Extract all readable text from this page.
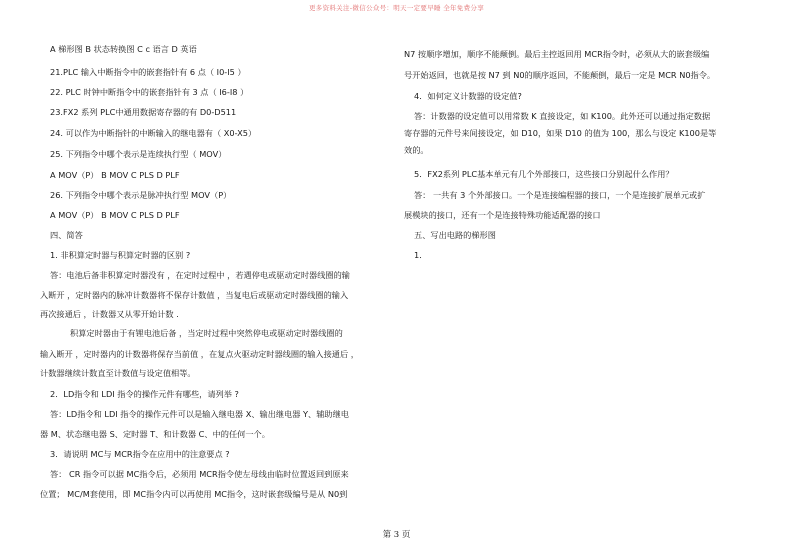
更多资料关注-微信公众号：明天一定要早睡 全年免费分享
A 梯形图 B 状态转换图 C c 语言 D 英语
21.PLC 输入中断指令中的嵌套指针有 6 点（ I0-I5 ）
22. PLC 时钟中断指令中的嵌套指针有 3 点（ I6-I8 ）
23.FX2 系列 PLC中通用数据寄存器的有 D0-D511
24. 可以作为中断指针的中断输入的继电器有（ X0-X5）
25. 下列指令中哪个表示是连续执行型（ MOV）
A MOV（P） B MOV C PLS D PLF
26. 下列指令中哪个表示是脉冲执行型 MOV（P）
A MOV（P） B MOV C PLS D PLF
四、简答
1. 非积算定时器与积算定时器的区别 ?
答：电池后备非积算定时器没有 ，在定时过程中 ，若遇停电或驱动定时器线圈的输
入断开 ，定时器内的脉冲计数器将不保存计数值 ，当复电后或驱动定时器线圈的输入
再次接通后 ，计数器又从零开始计数 .
积算定时器由于有锂电池后备 ，当定时过程中突然停电或驱动定时器线圈的
输入断开 ，定时器内的计数器将保存当前值 ，在复点火驱动定时器线圈的输入接通后 ，
计数器继续计数直至计数值与设定值相等。
2．LD指令和 LDI 指令的操作元件有哪些，请列举 ?
答：LD指令和 LDI 指令的操作元件可以是输入继电器 X、输出继电器 Y、辅助继电
器 M、状态继电器 S、定时器 T、和计数器 C、中的任何一个。
3．请说明 MC与 MCR指令在应用中的注意要点 ?
答： CR 指令可以据 MC指令后，必须用 MCR指令使左母线由临时位置返回到原来
位置； MC/M套使用，即 MC指令内可以再使用 MC指令，这时嵌套级编号是从 N0到
N7 按顺序增加，顺序不能颠倒。最后主控返回用 MCR指令时，必须从大的嵌套级编
号开始返回，也就是按 N7 到 N0的顺序返回，不能颠倒，最后一定是 MCR N0指令。
4．如何定义计数器的设定值?
答：计数器的设定值可以用常数 K 直接设定，如 K100。此外还可以通过指定数据
寄存器的元件号来间接设定，如 D10，如果 D10 的值为 100，那么与设定 K100是等
效的。
5．FX2系列 PLC基本单元有几个外部接口，这些接口分别起什么作用？
答： 一共有 3 个外部接口。一个是连接编程器的接口，一个是连接扩展单元或扩
展模块的接口，还有一个是连接特殊功能适配器的接口
五、写出电路的梯形图
1．
第 3 页
